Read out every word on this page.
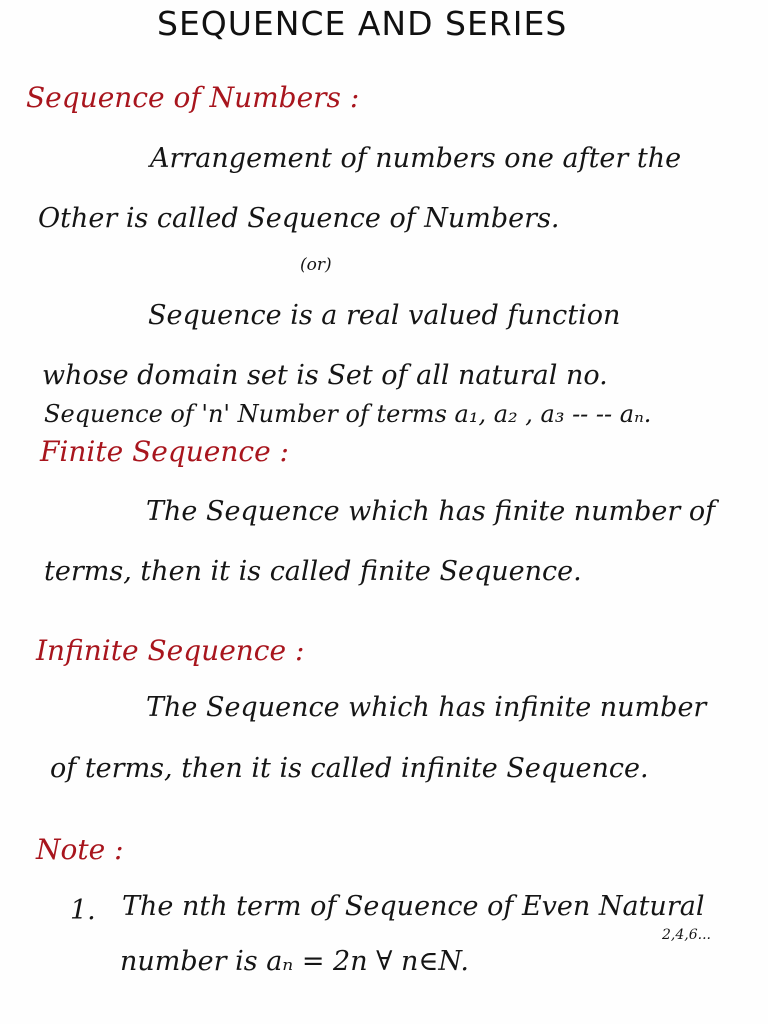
SEQUENCE AND SERIES
Sequence of Numbers :
Arrangement of numbers one after the
Other is called Sequence of Numbers.
(or)
Sequence is a real valued function
whose domain set is Set of all natural no.
Sequence of 'n' Number of terms a₁, a₂ , a₃ -- -- aₙ.
Finite Sequence :
The Sequence which has finite number of
terms, then it is called finite Sequence.
Infinite Sequence :
The Sequence which has infinite number
of terms, then it is called infinite Sequence.
Note :
1. The nth term of Sequence of Even Natural
2,4,6...
number is aₙ = 2n ∀ n∈N.
